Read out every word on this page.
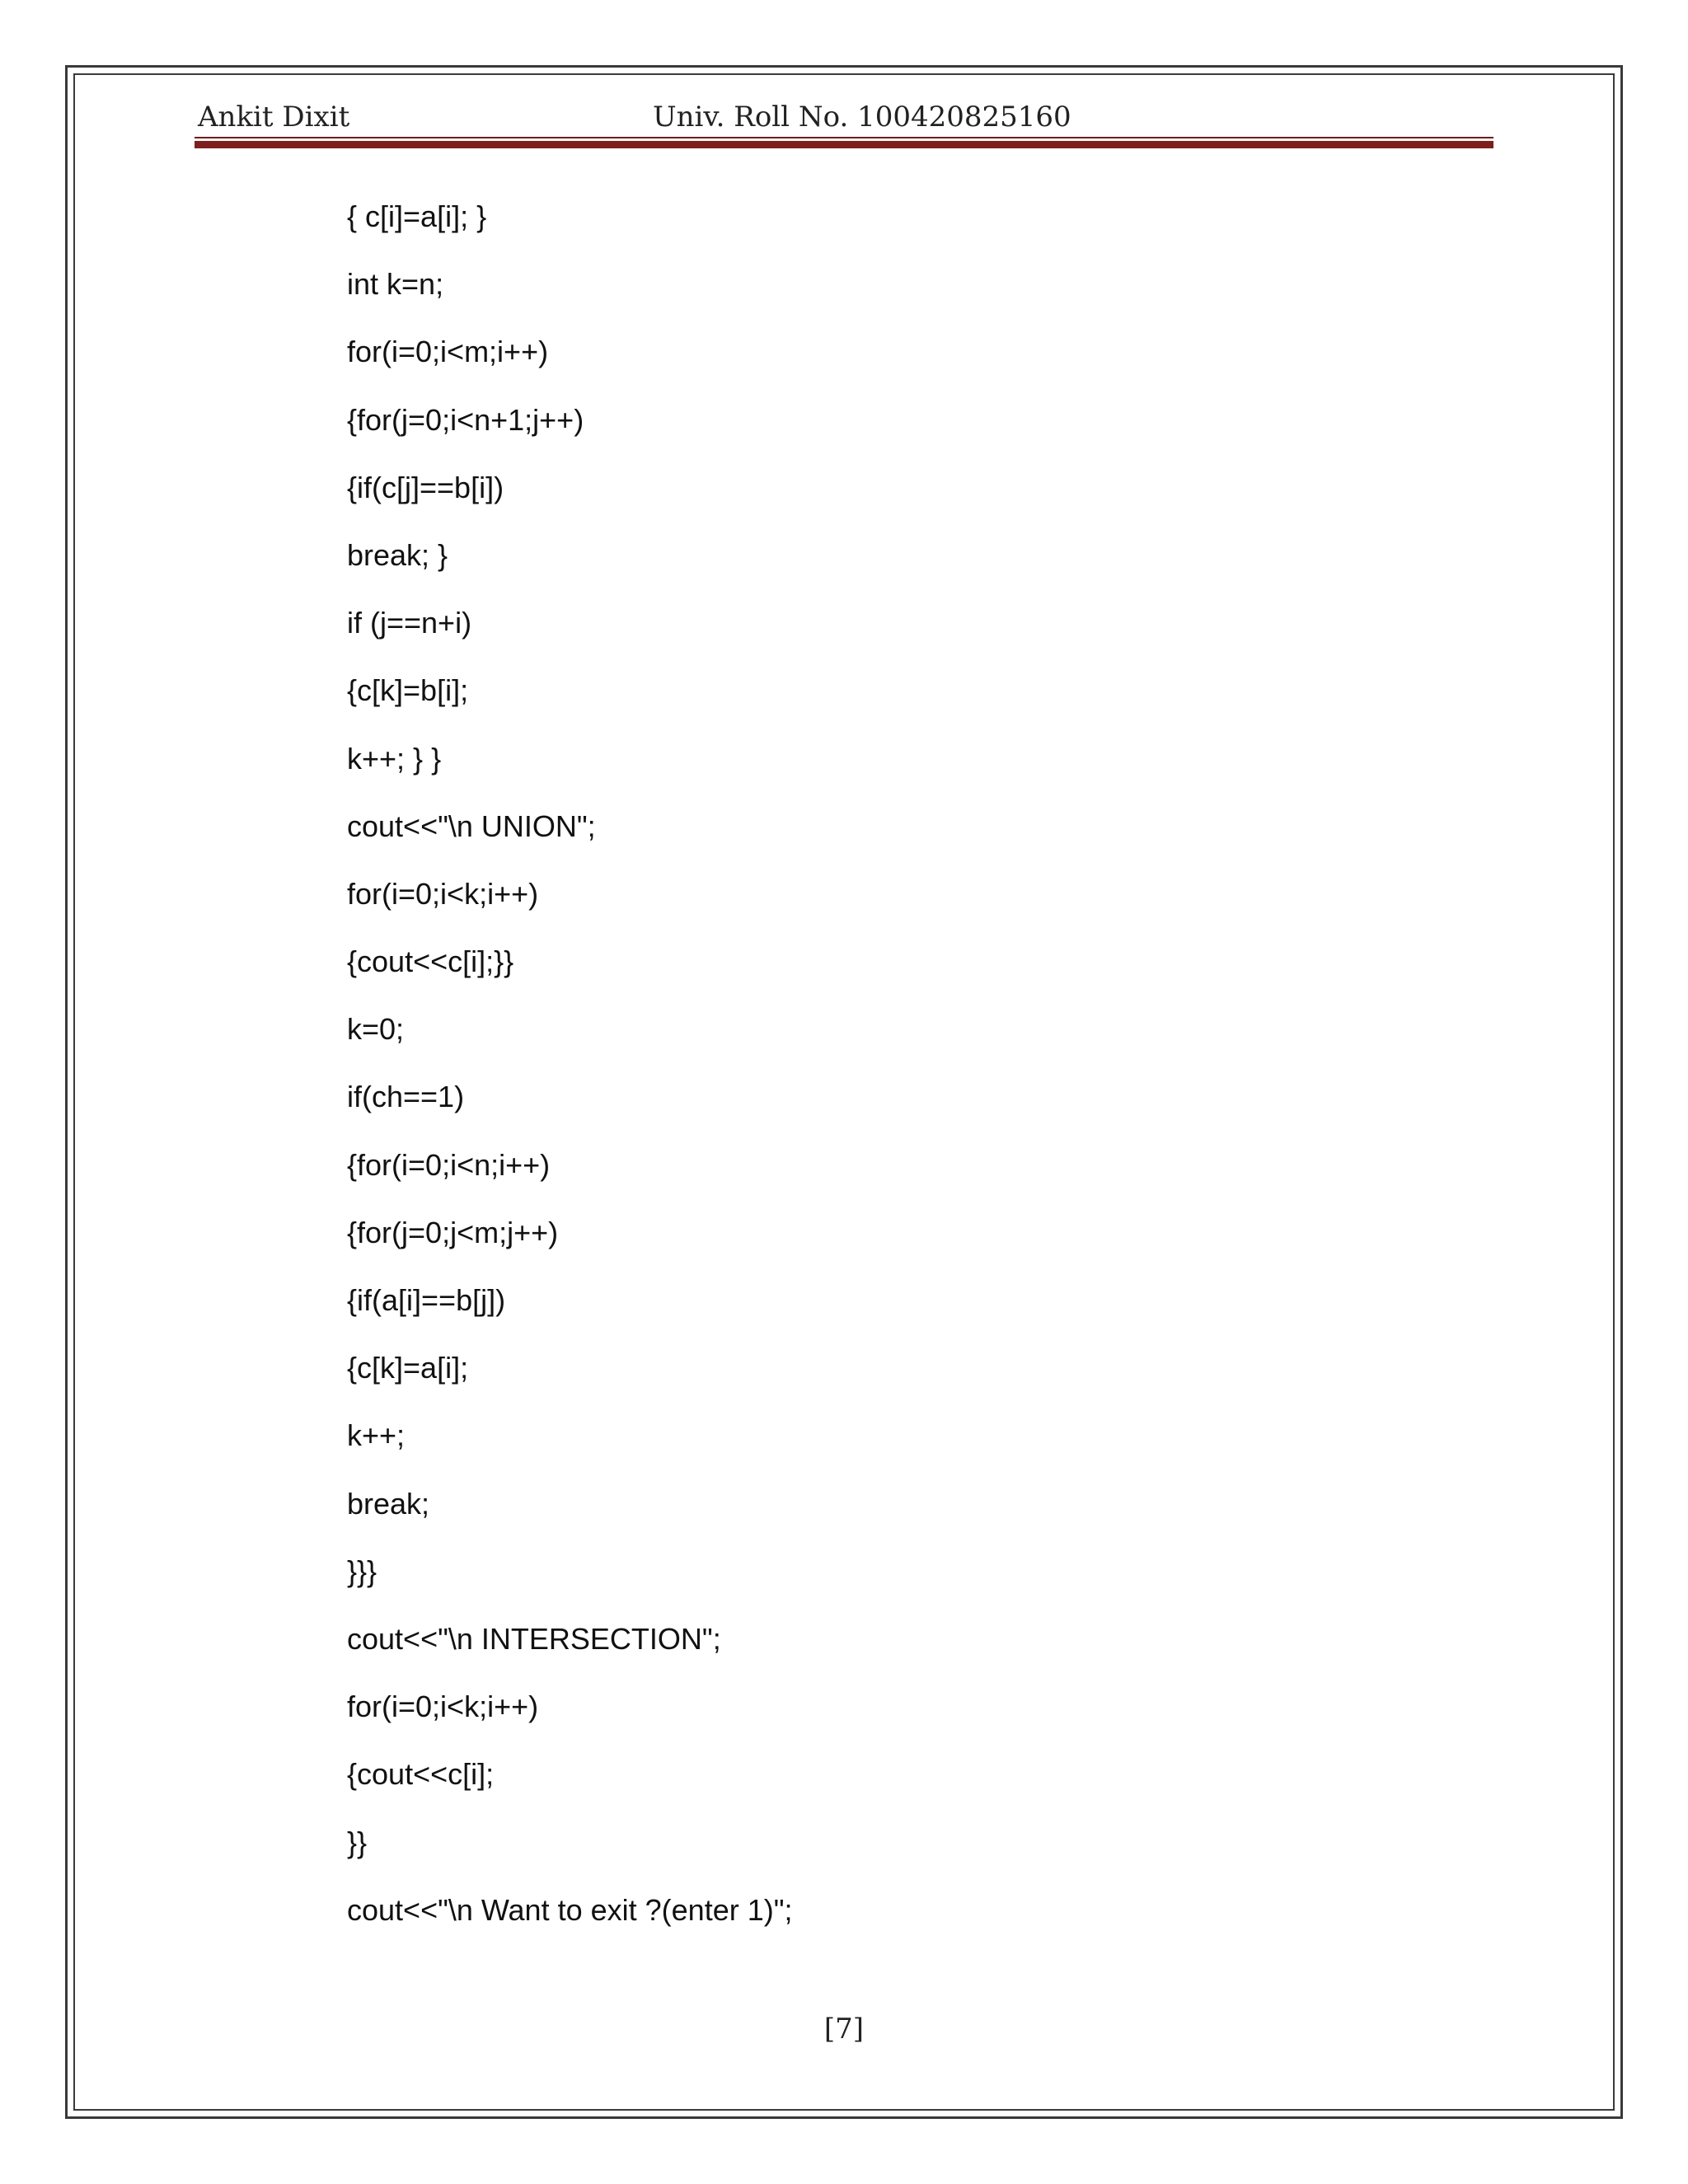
Ankit Dixit	Univ. Roll No. 100420825160
{ c[i]=a[i]; }
int k=n;
for(i=0;i<m;i++)
{for(j=0;i<n+1;j++)
{if(c[j]==b[i])
break; }
if (j==n+i)
{c[k]=b[i];
k++; } }
cout<<"\n UNION";
for(i=0;i<k;i++)
{cout<<c[i];}}
k=0;
if(ch==1)
{for(i=0;i<n;i++)
{for(j=0;j<m;j++)
{if(a[i]==b[j])
{c[k]=a[i];
k++;
break;
}}}
cout<<"\n INTERSECTION";
for(i=0;i<k;i++)
{cout<<c[i];
}}
cout<<"\n Want to exit ?(enter 1)";
[7]
